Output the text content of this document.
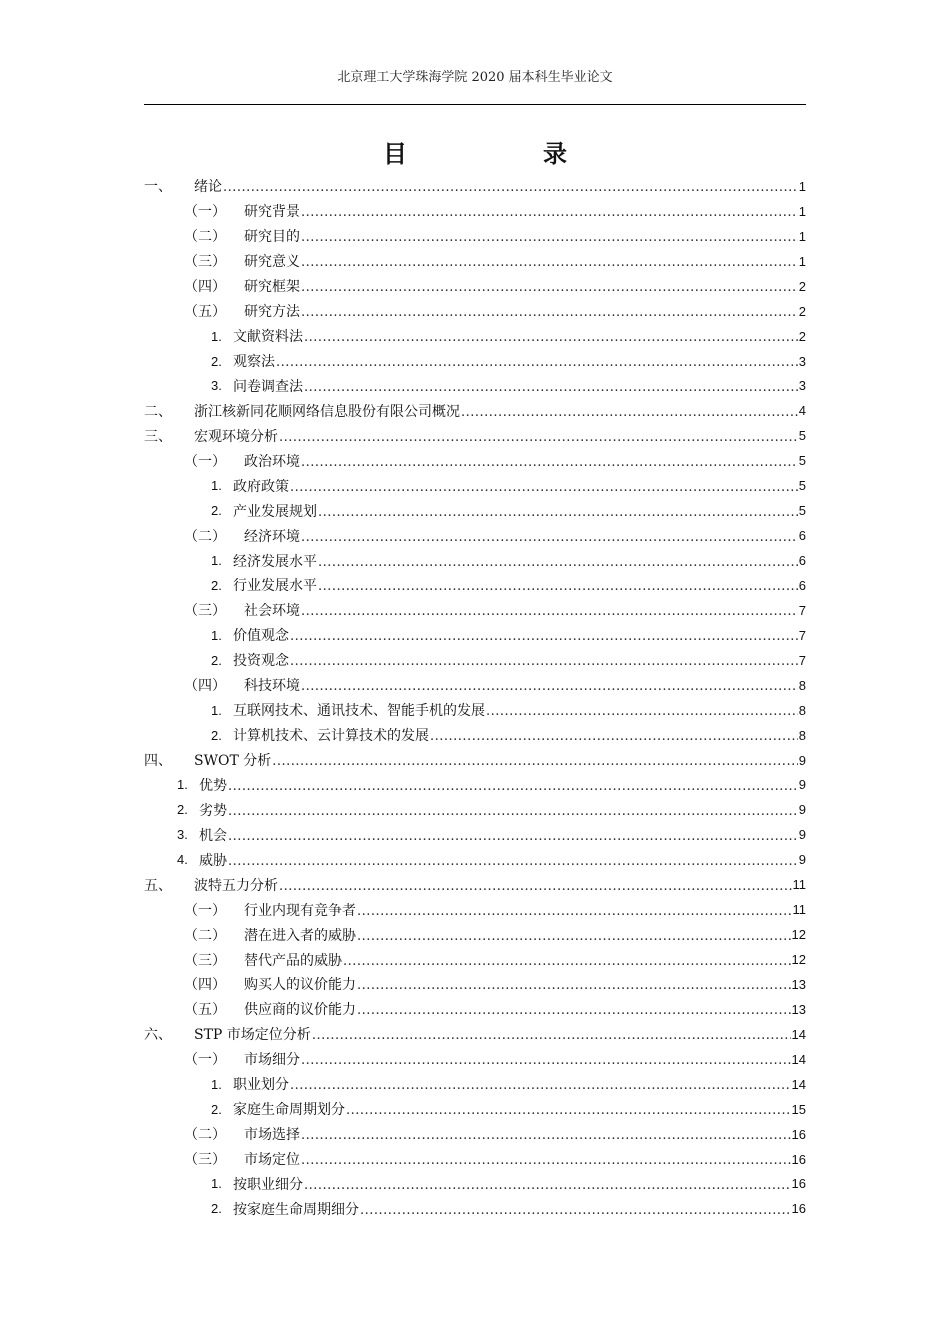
北京理工大学珠海学院 2020 届本科生毕业论文
目　录
一、	绪论 .....	1
（一）	研究背景 .....	1
（二）	研究目的 .....	1
（三）	研究意义 .....	1
（四）	研究框架 .....	2
（五）	研究方法 .....	2
1. 文献资料法 .....	2
2. 观察法 .....	3
3. 问卷调查法 .....	3
二、	浙江核新同花顺网络信息股份有限公司概况 .....	4
三、	宏观环境分析 .....	5
（一）	政治环境 .....	5
1. 政府政策 .....	5
2. 产业发展规划 .....	5
（二）	经济环境 .....	6
1. 经济发展水平 .....	6
2. 行业发展水平 .....	6
（三）	社会环境 .....	7
1. 价值观念 .....	7
2. 投资观念 .....	7
（四）	科技环境 .....	8
1. 互联网技术、通讯技术、智能手机的发展 .....	8
2. 计算机技术、云计算技术的发展 .....	8
四、	SWOT 分析 .....	9
1. 优势 .....	9
2. 劣势 .....	9
3. 机会 .....	9
4. 威胁 .....	9
五、	波特五力分析 .....	11
（一）	行业内现有竞争者 .....	11
（二）	潜在进入者的威胁 .....	12
（三）	替代产品的威胁 .....	12
（四）	购买人的议价能力 .....	13
（五）	供应商的议价能力 .....	13
六、	STP 市场定位分析 .....	14
（一）	市场细分 .....	14
1. 职业划分 .....	14
2. 家庭生命周期划分 .....	15
（二）	市场选择 .....	16
（三）	市场定位 .....	16
1. 按职业细分 .....	16
2. 按家庭生命周期细分 .....	16
